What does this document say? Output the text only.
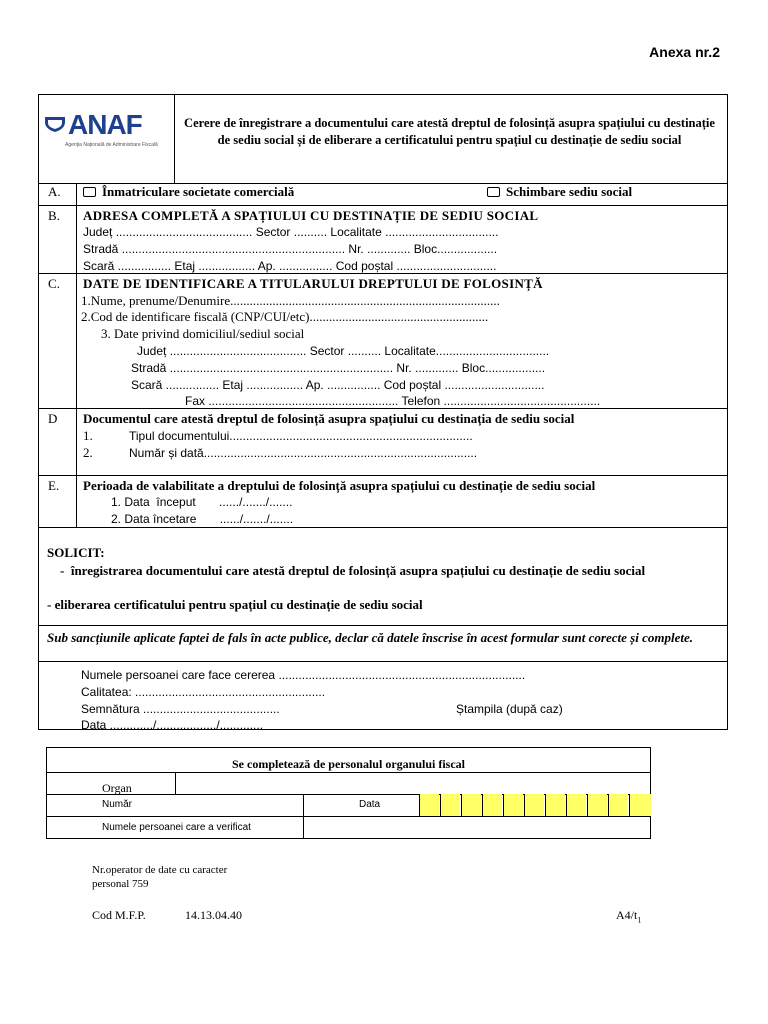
Anexa nr.2
ANAF
Agenția Națională de Administrare Fiscală
Cerere de înregistrare a documentului care atestă dreptul de folosință asupra spațiului cu destinație de sediu social și de eliberare a certificatului pentru spațiul cu destinație de sediu social
A.	Înmatriculare societate comercială	Schimbare sediu social
B. ADRESA COMPLETĂ A SPAȚIULUI CU DESTINAȚIE DE SEDIU SOCIAL
Județ ......................................... Sector .......... Localitate ..................................
Stradă ................................................................... Nr. ............. Bloc..................
Scară ................ Etaj ................. Ap. ................ Cod poștal ..............................
C. DATE DE IDENTIFICARE A TITULARULUI DREPTULUI DE FOLOSINȚĂ
1.Nume, prenume/Denumire...................................................................................
2.Cod de identificare fiscală (CNP/CUI/etc).......................................................
3. Date privind domiciliul/sediul social
Județ ......................................... Sector .......... Localitate..................................
Stradă ................................................................... Nr. ............. Bloc..................
Scară ................ Etaj ................. Ap. ................ Cod poștal ..............................
Fax ......................................................... Telefon ...............................................
D Documentul care atestă dreptul de folosință asupra spațiului cu destinația de sediu social
1.	Tipul documentului.........................................................................
2.	Număr și dată..................................................................................
E. Perioada de valabilitate a dreptului de folosință asupra spațiului cu destinație de sediu social
1. Data  început       ....../......./.......
2. Data încetare       ....../......./.......
SOLICIT:
-  înregistrarea documentului care atestă dreptul de folosință asupra spațiului cu destinație de sediu social
- eliberarea certificatului pentru spațiul cu destinație de sediu social
Sub sancțiunile aplicate faptei de fals în acte publice, declar că datele înscrise în acest formular sunt corecte și complete.
Numele persoanei care face cererea ..........................................................................
Calitatea: .........................................................
Semnătura .........................................	Ștampila (după caz)
Data ............./................../.............
Se completează de personalul organului fiscal
Organ
Număr	Data
Numele persoanei care a verificat
Nr.operator de date cu caracter
personal 759
Cod M.F.P.	14.13.04.40	$A4/t_1$
